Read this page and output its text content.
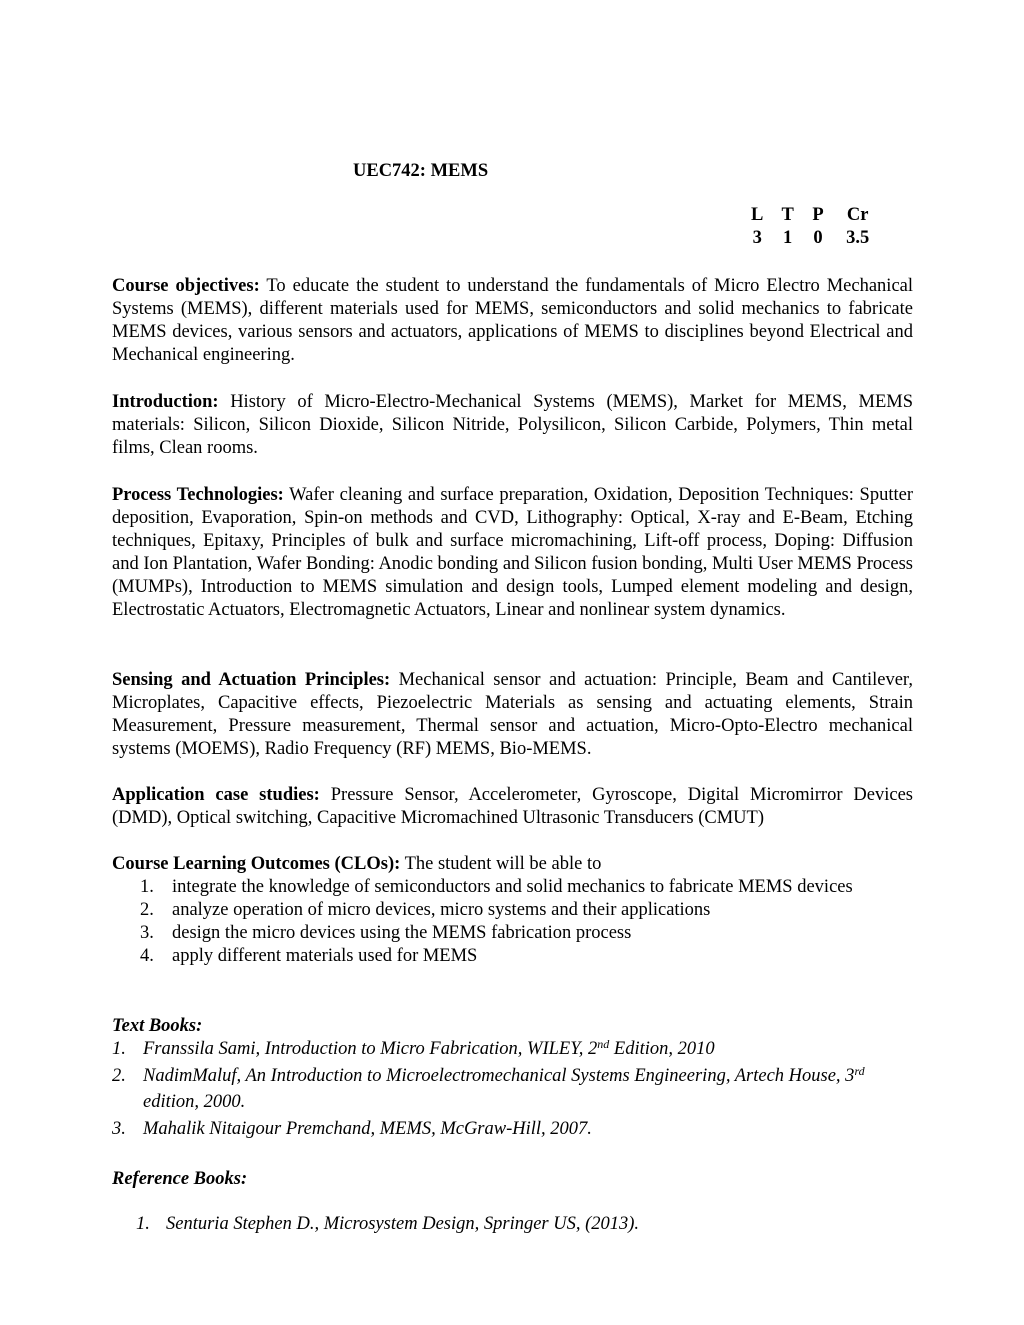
UEC742: MEMS
L	T	P	Cr
3	1	0	3.5

Course objectives: To educate the student to understand the fundamentals of Micro Electro Mechanical Systems (MEMS), different materials used for MEMS, semiconductors and solid mechanics to fabricate MEMS devices, various sensors and actuators, applications of MEMS to disciplines beyond Electrical and Mechanical engineering.

Introduction: History of Micro-Electro-Mechanical Systems (MEMS), Market for MEMS, MEMS materials: Silicon, Silicon Dioxide, Silicon Nitride, Polysilicon, Silicon Carbide, Polymers, Thin metal films, Clean rooms.

Process Technologies: Wafer cleaning and surface preparation, Oxidation, Deposition Techniques: Sputter deposition, Evaporation, Spin-on methods and CVD, Lithography: Optical, X-ray and E-Beam, Etching techniques, Epitaxy, Principles of bulk and surface micromachining, Lift-off process, Doping: Diffusion and Ion Plantation, Wafer Bonding: Anodic bonding and Silicon fusion bonding, Multi User MEMS Process (MUMPs), Introduction to MEMS simulation and design tools, Lumped element modeling and design, Electrostatic Actuators, Electromagnetic Actuators, Linear and nonlinear system dynamics.

Sensing and Actuation Principles: Mechanical sensor and actuation: Principle, Beam and Cantilever, Microplates, Capacitive effects, Piezoelectric Materials as sensing and actuating elements, Strain Measurement, Pressure measurement, Thermal sensor and actuation, Micro-Opto-Electro mechanical systems (MOEMS), Radio Frequency (RF) MEMS, Bio-MEMS.

Application case studies: Pressure Sensor, Accelerometer, Gyroscope, Digital Micromirror Devices (DMD), Optical switching, Capacitive Micromachined Ultrasonic Transducers (CMUT)

Course Learning Outcomes (CLOs): The student will be able to
1. integrate the knowledge of semiconductors and solid mechanics to fabricate MEMS devices
2. analyze operation of micro devices, micro systems and their applications
3. design the micro devices using the MEMS fabrication process
4. apply different materials used for MEMS
Text Books:
1. Franssila Sami, Introduction to Micro Fabrication, WILEY, 2nd Edition, 2010
2. NadimMaluf, An Introduction to Microelectromechanical Systems Engineering, Artech House, 3rd edition, 2000.
3. Mahalik Nitaigour Premchand, MEMS, McGraw-Hill, 2007.
Reference Books:
1. Senturia Stephen D., Microsystem Design, Springer US, (2013).
